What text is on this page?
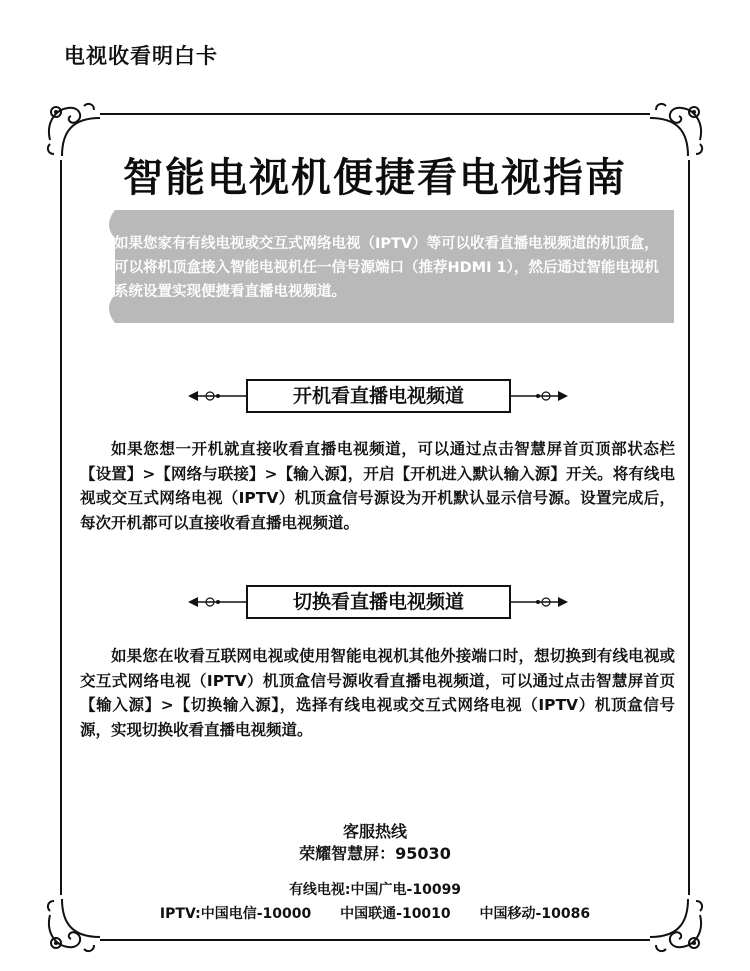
电视收看明白卡
智能电视机便捷看电视指南
如果您家有有线电视或交互式网络电视（IPTV）等可以收看直播电视频道的机顶盒，可以将机顶盒接入智能电视机任一信号源端口（推荐HDMI 1），然后通过智能电视机系统设置实现便捷看直播电视频道。
开机看直播电视频道
如果您想一开机就直接收看直播电视频道，可以通过点击智慧屏首页顶部状态栏【设置】>【网络与联接】>【输入源】，开启【开机进入默认输入源】开关。将有线电视或交互式网络电视（IPTV）机顶盒信号源设为开机默认显示信号源。设置完成后，每次开机都可以直接收看直播电视频道。
切换看直播电视频道
如果您在收看互联网电视或使用智能电视机其他外接端口时，想切换到有线电视或交互式网络电视（IPTV）机顶盒信号源收看直播电视频道，可以通过点击智慧屏首页【输入源】>【切换输入源】，选择有线电视或交互式网络电视（IPTV）机顶盒信号源，实现切换收看直播电视频道。
客服热线
荣耀智慧屏：95030
有线电视:中国广电-10099
IPTV:中国电信-10000 中国联通-10010 中国移动-10086
